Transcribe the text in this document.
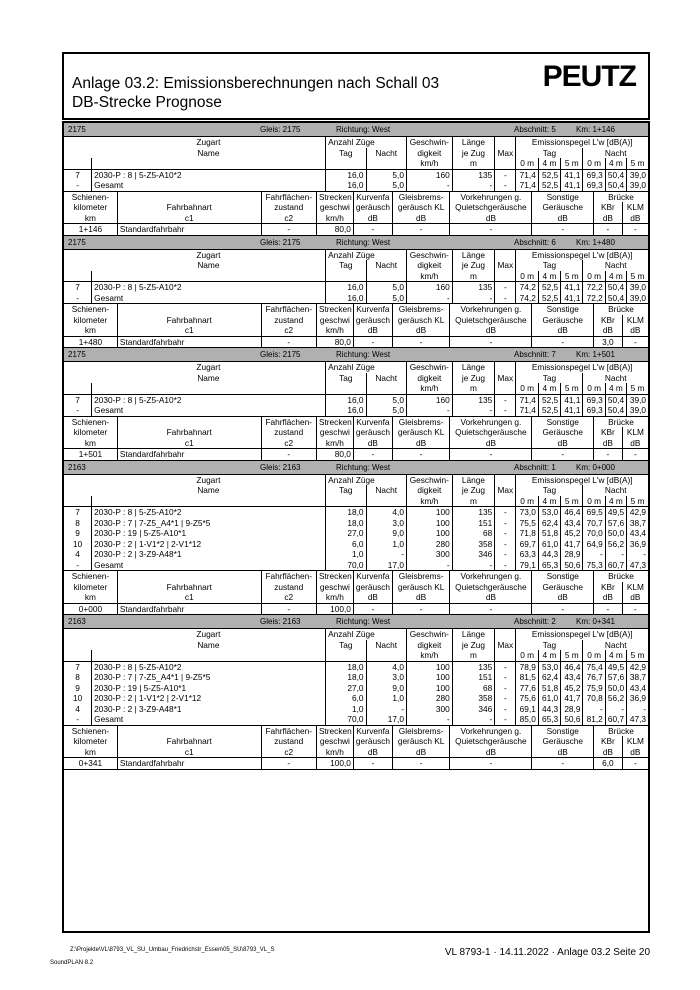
Anlage 03.2: Emissionsberechnungen nach Schall 03
DB-Strecke Prognose
PEUTZ
2175	Gleis: 2175	Richtung: West	Abschnitt: 5	Km: 1+146
	Zugart	Anzahl Züge		Geschwin-	Länge		Emissionspegel L'w [dB(A)]					
	Name	Tag	Nacht	digkeit	je Zug	Max	Tag			Nacht		
				km/h	m		0 m	4 m	5 m	0 m	4 m	5 m
7	2030-P : 8 | 5-Z5-A10*2	16,0	5,0	160	135	-	71,4	52,5	41,1	69,3	50,4	39,0
-	Gesamt	16,0	5,0	-	-	-	71,4	52,5	41,1	69,3	50,4	39,0
Schienen-		Fahrflächen-	Strecken	Kurvenfa	Gleisbrems-	Vorkehrungen g.	Sonstige	Brücke	
kilometer	Fahrbahnart	zustand	geschwi	geräusch	geräusch KL	Quietschgeräusche	Geräusche	KBr	KLM
km	c1	c2	km/h	dB	dB	dB	dB	dB	dB
1+146	Standardfahrbahr	-	80,0	-	-	-	-	-	-
2175	Gleis: 2175	Richtung: West	Abschnitt: 6	Km: 1+480
	Zugart	Anzahl Züge		Geschwin-	Länge		Emissionspegel L'w [dB(A)]					
	Name	Tag	Nacht	digkeit	je Zug	Max	Tag			Nacht		
				km/h	m		0 m	4 m	5 m	0 m	4 m	5 m
7	2030-P : 8 | 5-Z5-A10*2	16,0	5,0	160	135	-	74,2	52,5	41,1	72,2	50,4	39,0
-	Gesamt	16,0	5,0	-	-	-	74,2	52,5	41,1	72,2	50,4	39,0
Schienen-		Fahrflächen-	Strecken	Kurvenfa	Gleisbrems-	Vorkehrungen g.	Sonstige	Brücke	
kilometer	Fahrbahnart	zustand	geschwi	geräusch	geräusch KL	Quietschgeräusche	Geräusche	KBr	KLM
km	c1	c2	km/h	dB	dB	dB	dB	dB	dB
1+480	Standardfahrbahr	-	80,0	-	-	-	-	3,0	-
2175	Gleis: 2175	Richtung: West	Abschnitt: 7	Km: 1+501
	Zugart	Anzahl Züge		Geschwin-	Länge		Emissionspegel L'w [dB(A)]					
	Name	Tag	Nacht	digkeit	je Zug	Max	Tag			Nacht		
				km/h	m		0 m	4 m	5 m	0 m	4 m	5 m
7	2030-P : 8 | 5-Z5-A10*2	16,0	5,0	160	135	-	71,4	52,5	41,1	69,3	50,4	39,0
-	Gesamt	16,0	5,0	-	-	-	71,4	52,5	41,1	69,3	50,4	39,0
Schienen-		Fahrflächen-	Strecken	Kurvenfa	Gleisbrems-	Vorkehrungen g.	Sonstige	Brücke	
kilometer	Fahrbahnart	zustand	geschwi	geräusch	geräusch KL	Quietschgeräusche	Geräusche	KBr	KLM
km	c1	c2	km/h	dB	dB	dB	dB	dB	dB
1+501	Standardfahrbahr	-	80,0	-	-	-	-	-	-
2163	Gleis: 2163	Richtung: West	Abschnitt: 1	Km: 0+000
	Zugart	Anzahl Züge		Geschwin-	Länge		Emissionspegel L'w [dB(A)]					
	Name	Tag	Nacht	digkeit	je Zug	Max	Tag			Nacht		
				km/h	m		0 m	4 m	5 m	0 m	4 m	5 m
7	2030-P : 8 | 5-Z5-A10*2	18,0	4,0	100	135	-	73,0	53,0	46,4	69,5	49,5	42,9
8	2030-P : 7 | 7-Z5_A4*1 | 9-Z5*5	18,0	3,0	100	151	-	75,5	62,4	43,4	70,7	57,6	38,7
9	2030-P : 19 | 5-Z5-A10*1	27,0	9,0	100	68	-	71,8	51,8	45,2	70,0	50,0	43,4
10	2030-P : 2 | 1-V1*2 | 2-V1*12	6,0	1,0	280	358	-	69,7	61,0	41,7	64,9	56,2	36,9
4	2030-P : 2 | 3-Z9-A48*1	1,0	-	300	346	-	63,3	44,3	28,9	-	-	-
-	Gesamt	70,0	17,0	-	-	-	79,1	65,3	50,6	75,3	60,7	47,3
Schienen-		Fahrflächen-	Strecken	Kurvenfa	Gleisbrems-	Vorkehrungen g.	Sonstige	Brücke	
kilometer	Fahrbahnart	zustand	geschwi	geräusch	geräusch KL	Quietschgeräusche	Geräusche	KBr	KLM
km	c1	c2	km/h	dB	dB	dB	dB	dB	dB
0+000	Standardfahrbahr	-	100,0	-	-	-	-	-	-
2163	Gleis: 2163	Richtung: West	Abschnitt: 2	Km: 0+341
	Zugart	Anzahl Züge		Geschwin-	Länge		Emissionspegel L'w [dB(A)]					
	Name	Tag	Nacht	digkeit	je Zug	Max	Tag			Nacht		
				km/h	m		0 m	4 m	5 m	0 m	4 m	5 m
7	2030-P : 8 | 5-Z5-A10*2	18,0	4,0	100	135	-	78,9	53,0	46,4	75,4	49,5	42,9
8	2030-P : 7 | 7-Z5_A4*1 | 9-Z5*5	18,0	3,0	100	151	-	81,5	62,4	43,4	76,7	57,6	38,7
9	2030-P : 19 | 5-Z5-A10*1	27,0	9,0	100	68	-	77,6	51,8	45,2	75,9	50,0	43,4
10	2030-P : 2 | 1-V1*2 | 2-V1*12	6,0	1,0	280	358	-	75,6	61,0	41,7	70,8	56,2	36,9
4	2030-P : 2 | 3-Z9-A48*1	1,0	-	300	346	-	69,1	44,3	28,9	-	-	-
-	Gesamt	70,0	17,0	-	-	-	85,0	65,3	50,6	81,2	60,7	47,3
Schienen-		Fahrflächen-	Strecken	Kurvenfa	Gleisbrems-	Vorkehrungen g.	Sonstige	Brücke	
kilometer	Fahrbahnart	zustand	geschwi	geräusch	geräusch KL	Quietschgeräusche	Geräusche	KBr	KLM
km	c1	c2	km/h	dB	dB	dB	dB	dB	dB
0+341	Standardfahrbahr	-	100,0	-	-	-	-	6,0	-
Z:\Projekte\VL\8793_VL_SU_Umbau_Friedrichstr_Essen\05_SU\8793_VL_S
SoundPLAN 8.2
VL 8793-1 · 14.11.2022 · Anlage 03.2 Seite 20
